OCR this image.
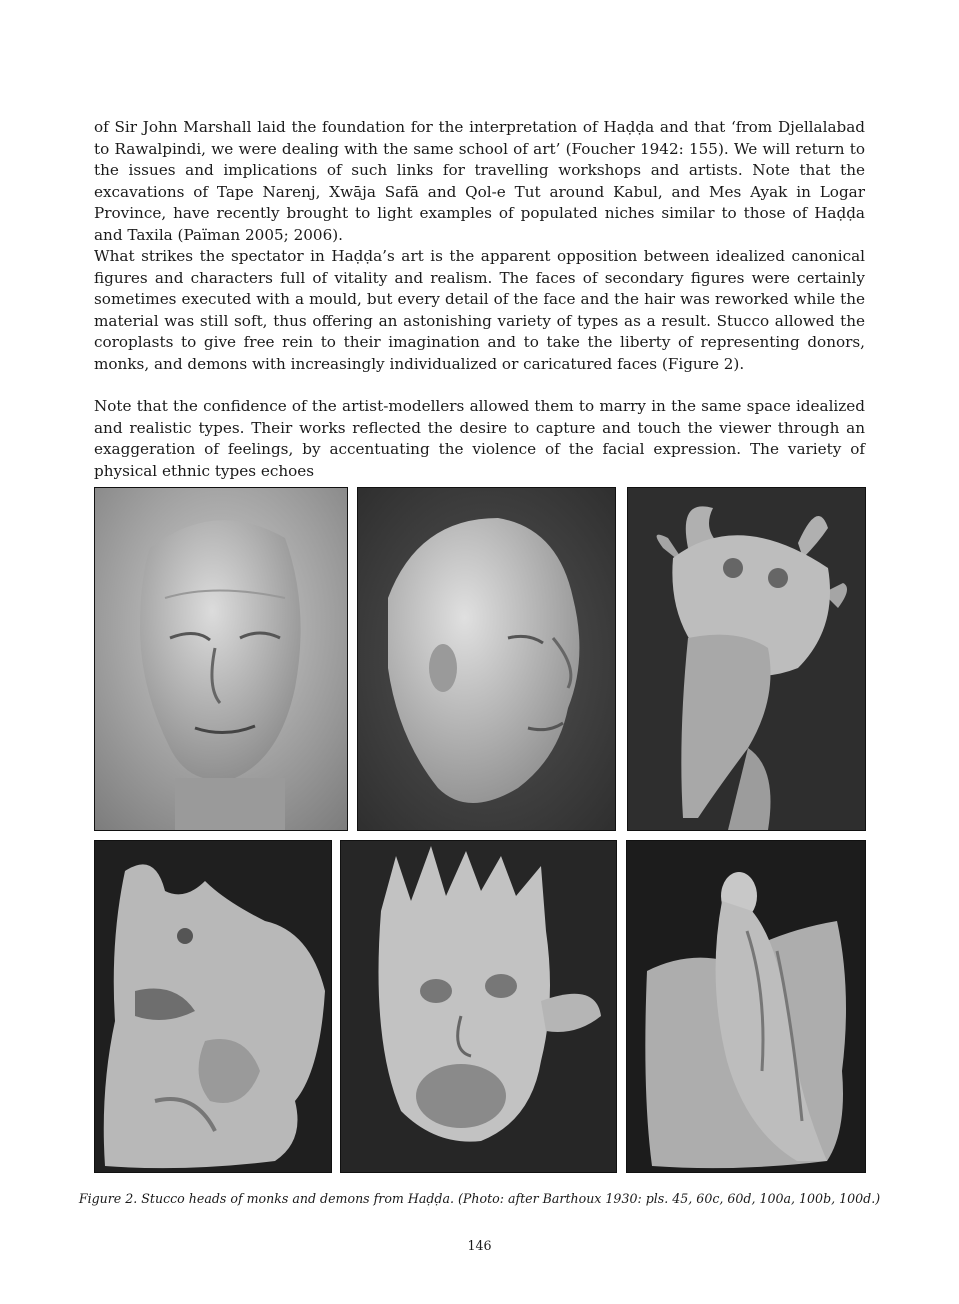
of Sir John Marshall laid the foundation for the interpretation of Haḍḍa and that ‘from Djellalabad to Rawalpindi, we were dealing with the same school of art’ (Foucher 1942: 155). We will return to the issues and implications of such links for travelling workshops and artists. Note that the excavations of Tape Narenj, Xwāja Safā and Qol-e Tut around Kabul, and Mes Ayak in Logar Province, have recently brought to light examples of populated niches similar to those of Haḍḍa and Taxila (Païman 2005; 2006).

What strikes the spectator in Haḍḍa’s art is the apparent opposition between idealized canonical figures and characters full of vitality and realism. The faces of secondary figures were certainly sometimes executed with a mould, but every detail of the face and the hair was reworked while the material was still soft, thus offering an astonishing variety of types as a result. Stucco allowed the coroplasts to give free rein to their imagination and to take the liberty of representing donors, monks, and demons with increasingly individualized or caricatured faces (Figure 2).

Note that the confidence of the artist-modellers allowed them to marry in the same space idealized and realistic types. Their works reflected the desire to capture and touch the viewer through an exaggeration of feelings, by accentuating the violence of the facial expression. The variety of physical ethnic types echoes

Figure 2. Stucco heads of monks and demons from Haḍḍa. (Photo: after Barthoux 1930: pls. 45, 60c, 60d, 100a, 100b, 100d.)

146
